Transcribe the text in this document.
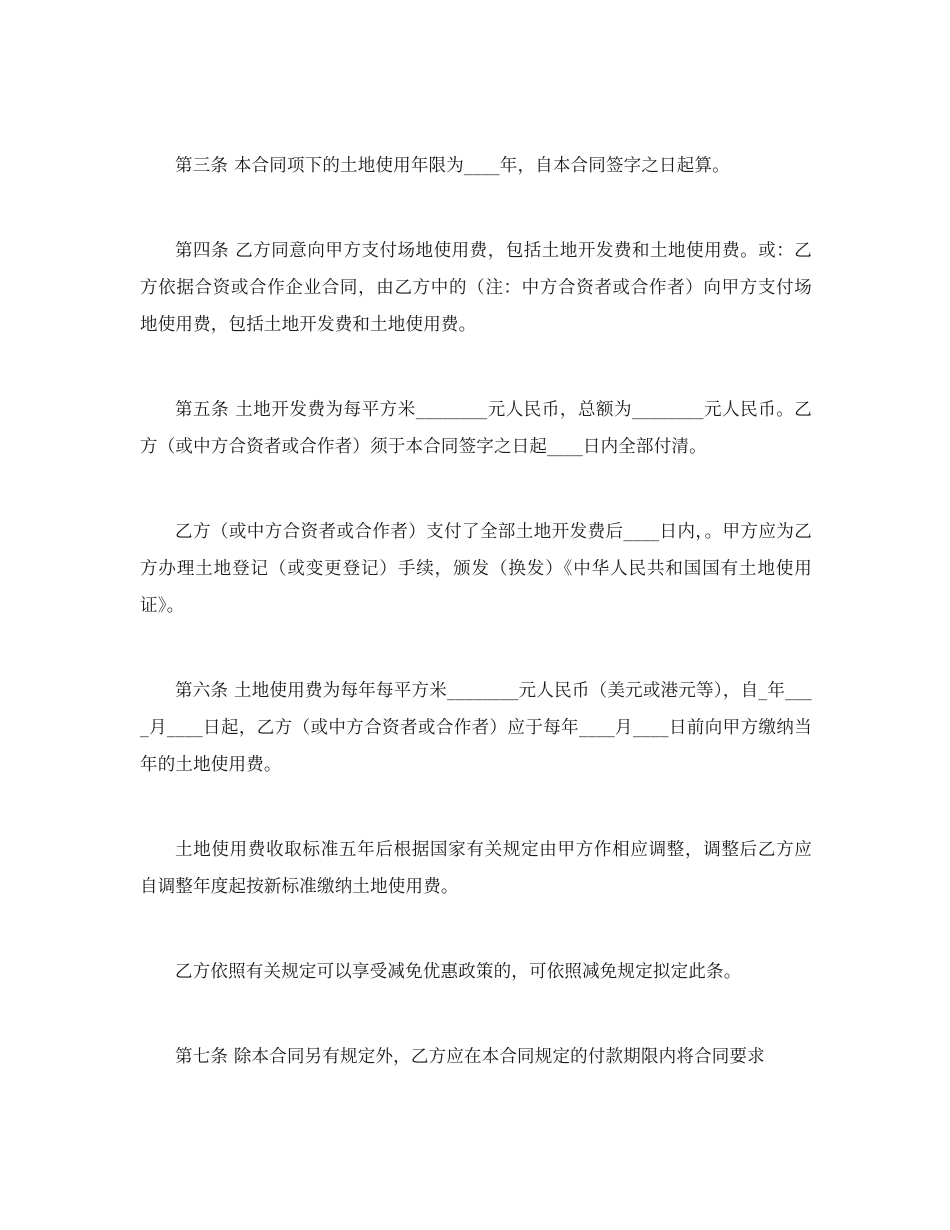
第三条 本合同项下的土地使用年限为____年，自本合同签字之日起算。

第四条 乙方同意向甲方支付场地使用费，包括土地开发费和土地使用费。或：乙方依据合资或合作企业合同，由乙方中的（注：中方合资者或合作者）向甲方支付场地使用费，包括土地开发费和土地使用费。

第五条 土地开发费为每平方米________元人民币，总额为________元人民币。乙方（或中方合资者或合作者）须于本合同签字之日起____日内全部付清。

乙方（或中方合资者或合作者）支付了全部土地开发费后____日内，。甲方应为乙方办理土地登记（或变更登记）手续，颁发（换发）《中华人民共和国国有土地使用证》。

第六条 土地使用费为每年每平方米________元人民币（美元或港元等），自_年____月____日起，乙方（或中方合资者或合作者）应于每年____月____日前向甲方缴纳当年的土地使用费。

土地使用费收取标准五年后根据国家有关规定由甲方作相应调整，调整后乙方应自调整年度起按新标准缴纳土地使用费。

乙方依照有关规定可以享受减免优惠政策的，可依照减免规定拟定此条。

第七条 除本合同另有规定外，乙方应在本合同规定的付款期限内将合同要求
